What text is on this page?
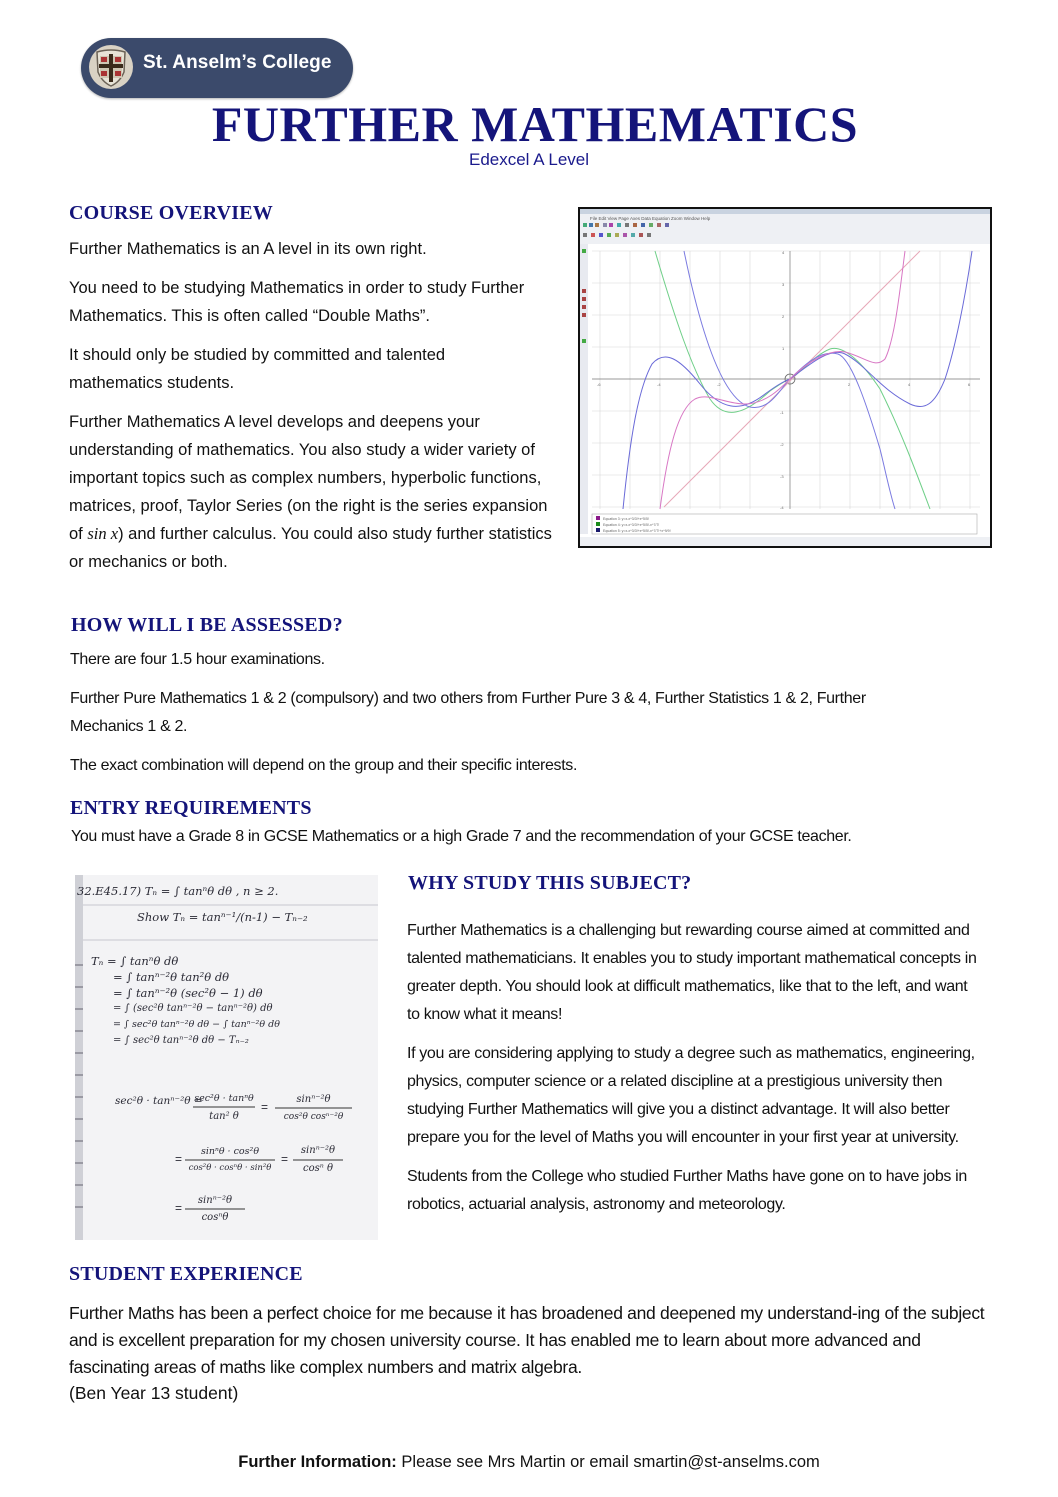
St. Anselm’s College
FURTHER MATHEMATICS
Edexcel A Level
COURSE OVERVIEW

Further Mathematics is an A level in its own right.

You need to be studying Mathematics in order to study Further Mathematics. This is often called “Double Maths”.

It should only be studied by committed and talented mathematics students.

Further Mathematics A level develops and deepens your understanding of mathematics. You also study a wider variety of important topics such as complex numbers, hyperbolic functions, matrices, proof, Taylor Series (on the right is the series expansion of sin x) and further calculus. You could also study further statistics or mechanics or both.

File Edit View Page Axes Data Equation Zoom Window Help
-6	-4	-2	2	4	6
4
3
2
1
-1
-2
-3
-4
Equation 3: y=x-x^3/3!+x^5/5!
Equation 4: y=x-x^3/3!+x^5/5!-x^7/7!
Equation 5: y=x-x^3/3!+x^5/5!-x^7/7!+x^9/9!
HOW WILL I BE ASSESSED?

There are four 1.5 hour examinations.

Further Pure Mathematics 1 & 2 (compulsory) and two others from Further Pure 3 & 4, Further Statistics 1 & 2, Further Mechanics 1 & 2.

The exact combination will depend on the group and their specific interests.

ENTRY REQUIREMENTS
You must have a Grade 8 in GCSE Mathematics or a high Grade 7 and the recommendation of your GCSE teacher.
32.E45.17) Tₙ = ∫ tanⁿθ dθ , n ≥ 2.
Show Tₙ = tanⁿ⁻¹/(n-1) − Tₙ₋₂
Tₙ = ∫ tanⁿθ dθ
= ∫ tanⁿ⁻²θ tan²θ dθ
= ∫ tanⁿ⁻²θ (sec²θ − 1) dθ
= ∫ (sec²θ tanⁿ⁻²θ − tanⁿ⁻²θ) dθ
= ∫ sec²θ tanⁿ⁻²θ dθ − ∫ tanⁿ⁻²θ dθ
= ∫ sec²θ tanⁿ⁻²θ dθ − Tₙ₋₂
sec²θ · tanⁿ⁻²θ =
sec²θ · tanⁿθ
tan² θ
=
sinⁿ⁻²θ
cos²θ cosⁿ⁻²θ
=
sinⁿθ · cos²θ
cos²θ · cosⁿθ · sin²θ
=
sinⁿ⁻²θ
cosⁿ θ
=
sinⁿ⁻²θ
cosⁿθ
WHY STUDY THIS SUBJECT?

Further Mathematics is a challenging but rewarding course aimed at committed and talented mathematicians. It enables you to study important mathematical concepts in greater depth. You should look at difficult mathematics, like that to the left, and want to know what it means!

If you are considering applying to study a degree such as mathematics, engineering, physics, computer science or a related discipline at a prestigious university then studying Further Mathematics will give you a distinct advantage. It will also better prepare you for the level of Maths you will encounter in your first year at university.

Students from the College who studied Further Maths have gone on to have jobs in robotics, actuarial analysis, astronomy and meteorology.

STUDENT EXPERIENCE

Further Maths has been a perfect choice for me because it has broadened and deepened my understand-ing of the subject and is excellent preparation for my chosen university course. It has enabled me to learn about more advanced and fascinating areas of maths like complex numbers and matrix algebra.

(Ben Year 13 student)

Further Information: Please see Mrs Martin or email smartin@st-anselms.com
